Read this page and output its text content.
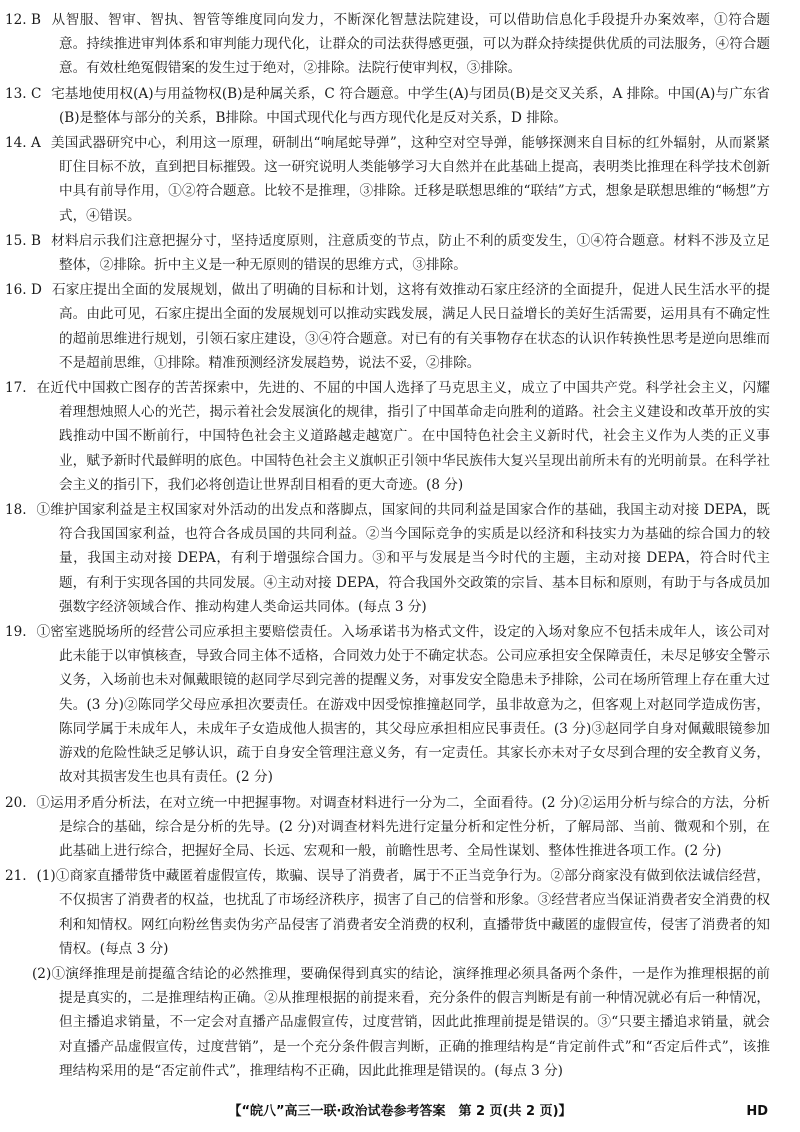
12. B 从智服、智审、智执、智管等维度同向发力，不断深化智慧法院建设，可以借助信息化手段提升办案效率，①符合题意。持续推进审判体系和审判能力现代化，让群众的司法获得感更强，可以为群众持续提供优质的司法服务，④符合题意。有效杜绝冤假错案的发生过于绝对，②排除。法院行使审判权，③排除。

13. C 宅基地使用权(A)与用益物权(B)是种属关系，C 符合题意。中学生(A)与团员(B)是交叉关系，A 排除。中国(A)与广东省(B)是整体与部分的关系，B排除。中国式现代化与西方现代化是反对关系，D 排除。

14. A 美国武器研究中心，利用这一原理，研制出“响尾蛇导弹”，这种空对空导弹，能够探测来自目标的红外辐射，从而紧紧盯住目标不放，直到把目标摧毁。这一研究说明人类能够学习大自然并在此基础上提高，表明类比推理在科学技术创新中具有前导作用，①②符合题意。比较不是推理，③排除。迁移是联想思维的“联结”方式，想象是联想思维的“畅想”方式，④错误。

15. B 材料启示我们注意把握分寸，坚持适度原则，注意质变的节点，防止不利的质变发生，①④符合题意。材料不涉及立足整体，②排除。折中主义是一种无原则的错误的思维方式，③排除。

16. D 石家庄提出全面的发展规划，做出了明确的目标和计划，这将有效推动石家庄经济的全面提升，促进人民生活水平的提高。由此可见，石家庄提出全面的发展规划可以推动实践发展，满足人民日益增长的美好生活需要，运用具有不确定性的超前思维进行规划，引领石家庄建设，③④符合题意。对已有的有关事物存在状态的认识作转换性思考是逆向思维而不是超前思维，①排除。精准预测经济发展趋势，说法不妥，②排除。

17. 在近代中国救亡图存的苦苦探索中，先进的、不屈的中国人选择了马克思主义，成立了中国共产党。科学社会主义，闪耀着理想烛照人心的光芒，揭示着社会发展演化的规律，指引了中国革命走向胜利的道路。社会主义建设和改革开放的实践推动中国不断前行，中国特色社会主义道路越走越宽广。在中国特色社会主义新时代，社会主义作为人类的正义事业，赋予新时代最鲜明的底色。中国特色社会主义旗帜正引领中华民族伟大复兴呈现出前所未有的光明前景。在科学社会主义的指引下，我们必将创造让世界刮目相看的更大奇迹。(8 分)

18. ①维护国家利益是主权国家对外活动的出发点和落脚点，国家间的共同利益是国家合作的基础，我国主动对接 DEPA，既符合我国国家利益，也符合各成员国的共同利益。②当今国际竞争的实质是以经济和科技实力为基础的综合国力的较量，我国主动对接 DEPA，有利于增强综合国力。③和平与发展是当今时代的主题，主动对接 DEPA，符合时代主题，有利于实现各国的共同发展。④主动对接 DEPA，符合我国外交政策的宗旨、基本目标和原则，有助于与各成员加强数字经济领域合作、推动构建人类命运共同体。(每点 3 分)

19. ①密室逃脱场所的经营公司应承担主要赔偿责任。入场承诺书为格式文件，设定的入场对象应不包括未成年人，该公司对此未能于以审慎核查，导致合同主体不适格，合同效力处于不确定状态。公司应承担安全保障责任，未尽足够安全警示义务，入场前也未对佩戴眼镜的赵同学尽到完善的提醒义务，对事发安全隐患未予排除，公司在场所管理上存在重大过失。(3 分)②陈同学父母应承担次要责任。在游戏中因受惊推撞赵同学，虽非故意为之，但客观上对赵同学造成伤害，陈同学属于未成年人，未成年子女造成他人损害的，其父母应承担相应民事责任。(3 分)③赵同学自身对佩戴眼镜参加游戏的危险性缺乏足够认识，疏于自身安全管理注意义务，有一定责任。其家长亦未对子女尽到合理的安全教育义务，故对其损害发生也具有责任。(2 分)

20. ①运用矛盾分析法，在对立统一中把握事物。对调查材料进行一分为二，全面看待。(2 分)②运用分析与综合的方法，分析是综合的基础，综合是分析的先导。(2 分)对调查材料先进行定量分析和定性分析，了解局部、当前、微观和个别，在此基础上进行综合，把握好全局、长远、宏观和一般，前瞻性思考、全局性谋划、整体性推进各项工作。(2 分)

21. (1)①商家直播带货中藏匿着虚假宣传，欺骗、误导了消费者，属于不正当竞争行为。②部分商家没有做到依法诚信经营，不仅损害了消费者的权益，也扰乱了市场经济秩序，损害了自己的信誉和形象。③经营者应当保证消费者安全消费的权利和知情权。网红向粉丝售卖伪劣产品侵害了消费者安全消费的权利，直播带货中藏匿的虚假宣传，侵害了消费者的知情权。(每点 3 分)

(2)①演绎推理是前提蕴含结论的必然推理，要确保得到真实的结论，演绎推理必须具备两个条件，一是作为推理根据的前提是真实的，二是推理结构正确。②从推理根据的前提来看，充分条件的假言判断是有前一种情况就必有后一种情况，但主播追求销量，不一定会对直播产品虚假宣传，过度营销，因此此推理前提是错误的。③“只要主播追求销量，就会对直播产品虚假宣传，过度营销”，是一个充分条件假言判断，正确的推理结构是“肯定前件式”和“否定后件式”，该推理结构采用的是“否定前件式”，推理结构不正确，因此此推理是错误的。(每点 3 分)

【“皖八”高三一联·政治试卷参考答案　第 2 页(共 2 页)】	HD
